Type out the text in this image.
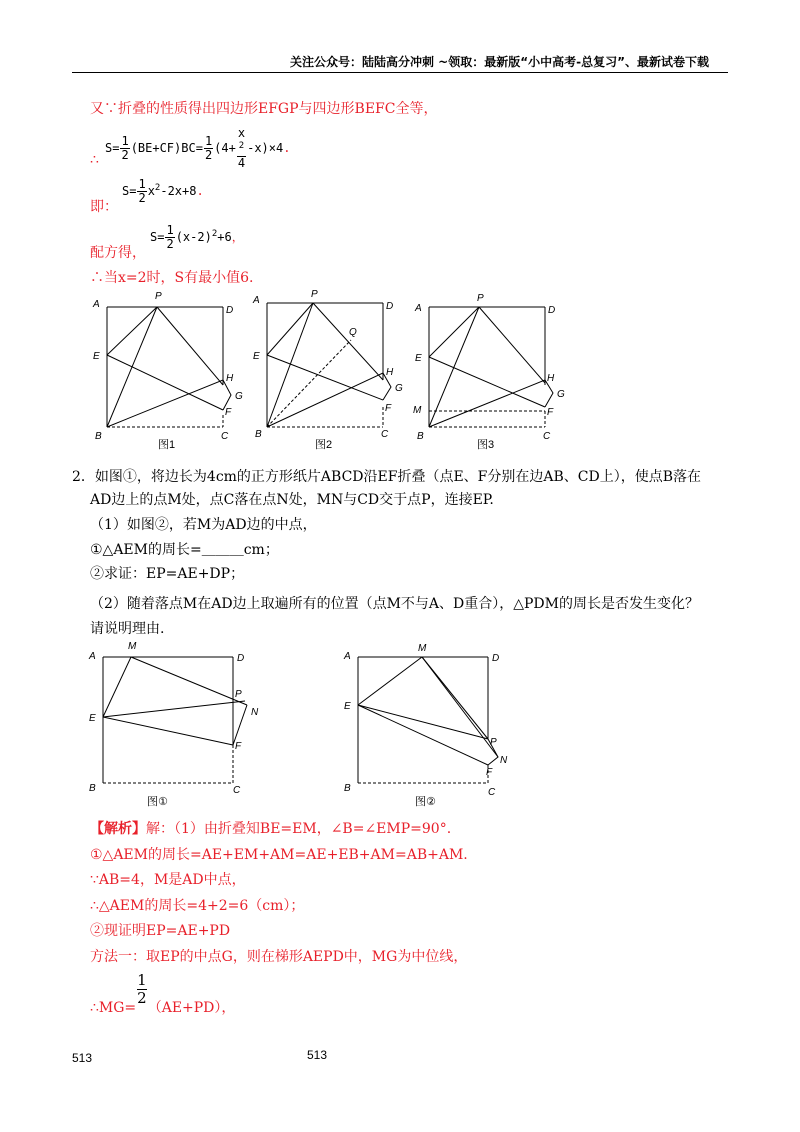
关注公众号：陆陆高分冲刺 ~领取：最新版“小中高考-总复习”、最新试卷下载
又∵折叠的性质得出四边形EFGP与四边形BEFC全等，
$S= \frac{1}{2} (BE+CF)BC= \frac{1}{2} (4+ x$
$^2$
4 -x)×4.
∴
即：
$S= \frac{1}{2} x^2-2x+8$.
配方得，
$S= \frac{1}{2} (x-2)^2+6$，
∴当x=2时，S有最小值6.
A
P
D
E
H
G
F
B	C
图1
A
P
D
Q
E
H
G
F
B	C
图2
A
P
D
E
H
G
M	F
B	C
图3
2．如图①，将边长为4cm的正方形纸片ABCD沿EF折叠（点E、F分别在边AB、CD上），使点B落在
AD边上的点M处，点C落在点N处，MN与CD交于点P，连接EP.
（1）如图②，若M为AD边的中点，
①△AEM的周长=＿＿＿cm；
②求证：EP=AE+DP；
（2）随着落点M在AD边上取遍所有的位置（点M不与A、D重合），△PDM的周长是否发生变化？
请说明理由.
A
M
D
P
N
E
F
B	C
图①
A
M
D
E
P
N
F
B	C
图②
【解析】解：（1）由折叠知BE=EM，∠B=∠EMP=90°.
①△AEM的周长=AE+EM+AM=AE+EB+AM=AB+AM.
∵AB=4，M是AD中点，
∴△AEM的周长=4+2=6（cm）；
②现证明EP=AE+PD
方法一：取EP的中点G，则在梯形AEPD中，MG为中位线，
∴MG=
$\frac{1}{2}$
（AE+PD），
513	513
